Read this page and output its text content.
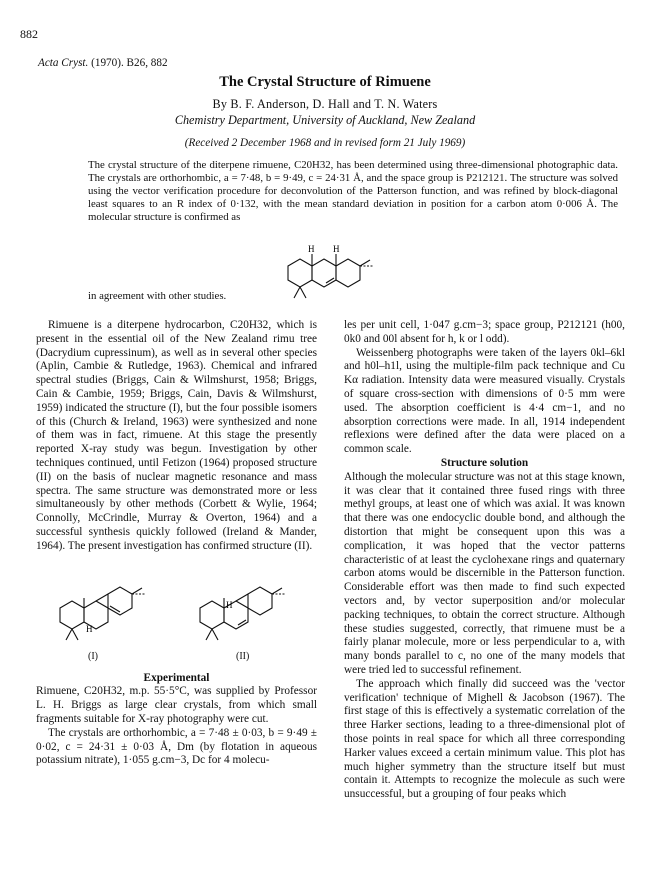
882
Acta Cryst. (1970). B26, 882
The Crystal Structure of Rimuene
By B. F. Anderson, D. Hall and T. N. Waters
Chemistry Department, University of Auckland, New Zealand
(Received 2 December 1968 and in revised form 21 July 1969)
The crystal structure of the diterpene rimuene, C20H32, has been determined using three-dimensional photographic data. The crystals are orthorhombic, a = 7·48, b = 9·49, c = 24·31 Å, and the space group is P212121. The structure was solved using the vector verification procedure for deconvolution of the Patterson function, and was refined by block-diagonal least squares to an R index of 0·132, with the mean standard deviation in position for a carbon atom 0·006 Å. The molecular structure is confirmed as
H H
in agreement with other studies.

Rimuene is a diterpene hydrocarbon, C20H32, which is present in the essential oil of the New Zealand rimu tree (Dacrydium cupressinum), as well as in several other species (Aplin, Cambie & Rutledge, 1963). Chemical and infrared spectral studies (Briggs, Cain & Wilmshurst, 1958; Briggs, Cain & Cambie, 1959; Briggs, Cain, Davis & Wilmshurst, 1959) indicated the structure (I), but the four possible isomers of this (Church & Ireland, 1963) were synthesized and none of them was in fact, rimuene. At this stage the presently reported X-ray study was begun. Investigation by other techniques continued, until Fetizon (1964) proposed structure (II) on the basis of nuclear magnetic resonance and mass spectra. The same structure was demonstrated more or less simultaneously by other methods (Corbett & Wylie, 1964; Connolly, McCrindle, Murray & Overton, 1964) and a successful synthesis quickly followed (Ireland & Mander, 1964). The present investigation has confirmed structure (II).

H
H
(I)	(II)

Experimental

Rimuene, C20H32, m.p. 55·5°C, was supplied by Professor L. H. Briggs as large clear crystals, from which small fragments suitable for X-ray photography were cut.

The crystals are orthorhombic, a = 7·48 ± 0·03, b = 9·49 ± 0·02, c = 24·31 ± 0·03 Å, Dm (by flotation in aqueous potassium nitrate), 1·055 g.cm−3, Dc for 4 molecu-

les per unit cell, 1·047 g.cm−3; space group, P212121 (h00, 0k0 and 00l absent for h, k or l odd).

Weissenberg photographs were taken of the layers 0kl–6kl and h0l–h1l, using the multiple-film pack technique and Cu Kα radiation. Intensity data were measured visually. Crystals of square cross-section with dimensions of 0·5 mm were used. The absorption coefficient is 4·4 cm−1, and no absorption corrections were made. In all, 1914 independent reflexions were defined after the data were placed on a common scale.

Structure solution

Although the molecular structure was not at this stage known, it was clear that it contained three fused rings with three methyl groups, at least one of which was axial. It was known that there was one endocyclic double bond, and although the distortion that might be consequent upon this was a complication, it was hoped that the vector patterns characteristic of at least the cyclohexane rings and quaternary carbon atoms would be discernible in the Patterson function. Considerable effort was then made to find such expected vectors and, by vector superposition and/or molecular packing techniques, to obtain the correct structure. Although these studies suggested, correctly, that rimuene must be a fairly planar molecule, more or less perpendicular to a, with many bonds parallel to c, no one of the many models that were tried led to successful refinement.

The approach which finally did succeed was the 'vector verification' technique of Mighell & Jacobson (1967). The first stage of this is effectively a systematic correlation of the three Harker sections, leading to a three-dimensional plot of those points in real space for which all three corresponding Harker values exceed a certain minimum value. This plot has much higher symmetry than the structure itself but must contain it. Attempts to recognize the molecule as such were unsuccessful, but a grouping of four peaks which
